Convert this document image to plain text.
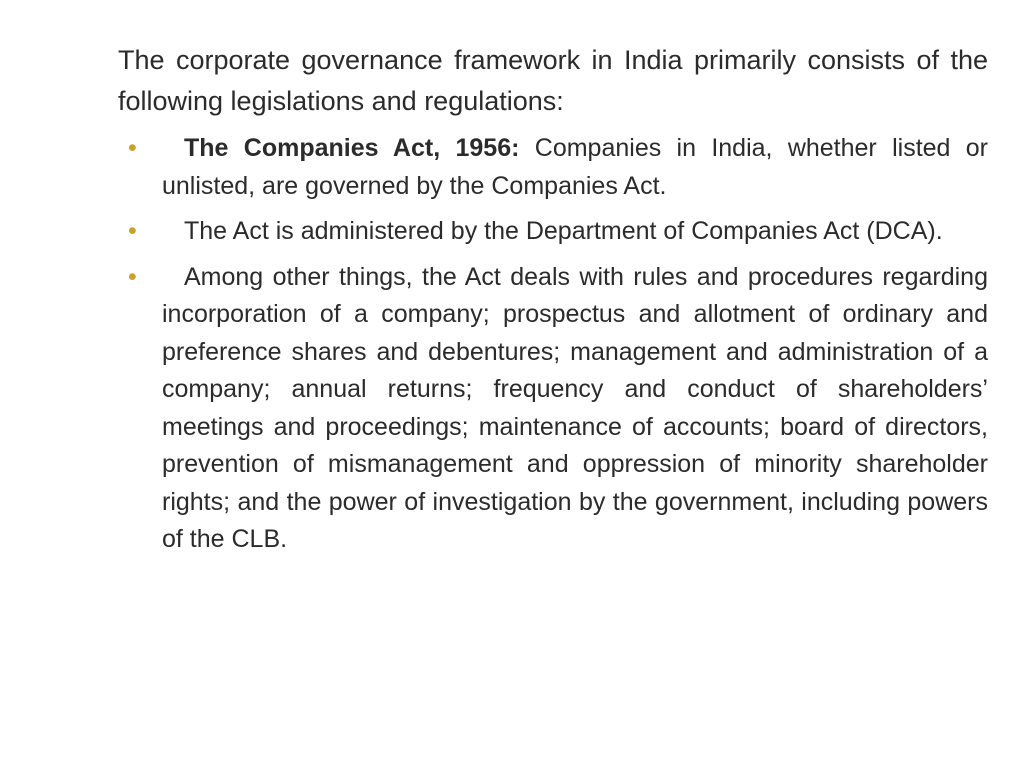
The corporate governance framework in India primarily consists of the following legislations and regulations:

• The Companies Act, 1956: Companies in India, whether listed or unlisted, are governed by the Companies Act.
• The Act is administered by the Department of Companies Act (DCA).
• Among other things, the Act deals with rules and procedures regarding incorporation of a company; prospectus and allotment of ordinary and preference shares and debentures; management and administration of a company; annual returns; frequency and conduct of shareholders’ meetings and proceedings; maintenance of accounts; board of directors, prevention of mismanagement and oppression of minority shareholder rights; and the power of investigation by the government, including powers of the CLB.
